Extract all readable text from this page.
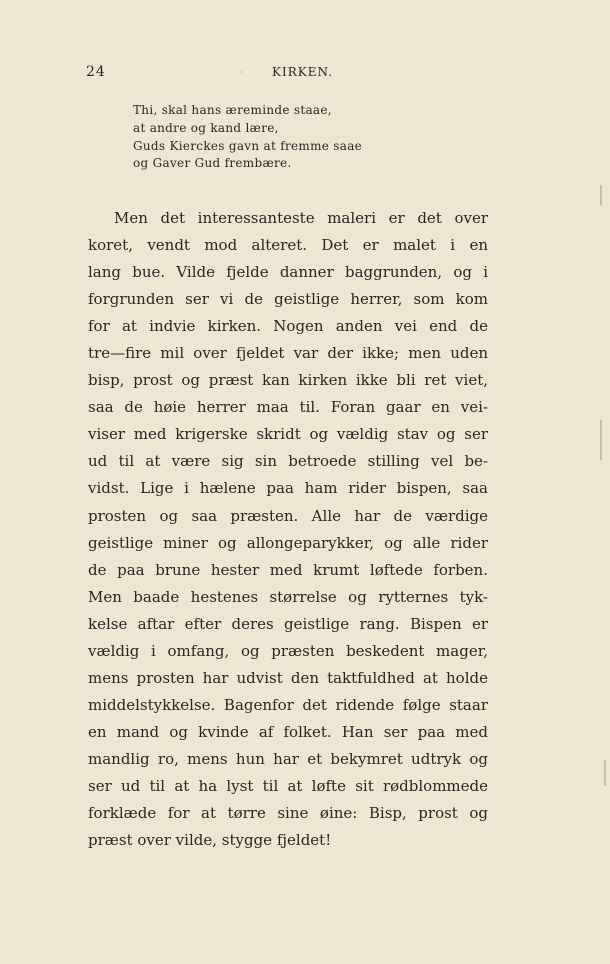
24	· KIRKEN.
Thi, skal hans æreminde staae,
at andre og kand lære,
Guds Kierckes gavn at fremme saae
og Gaver Gud frembære.
Men det interessanteste maleri er det over
koret, vendt mod alteret. Det er malet i en
lang bue. Vilde fjelde danner baggrunden, og i
forgrunden ser vi de geistlige herrer, som kom
for at indvie kirken. Nogen anden vei end de
tre—fire mil over fjeldet var der ikke; men uden
bisp, prost og præst kan kirken ikke bli ret viet,
saa de høie herrer maa til. Foran gaar en vei-
viser med krigerske skridt og vældig stav og ser
ud til at være sig sin betroede stilling vel be-
vidst. Lige i hælene paa ham rider bispen, saa
prosten og saa præsten. Alle har de værdige
geistlige miner og allongeparykker, og alle rider
de paa brune hester med krumt løftede forben.
Men baade hestenes størrelse og rytternes tyk-
kelse aftar efter deres geistlige rang. Bispen er
vældig i omfang, og præsten beskedent mager,
mens prosten har udvist den taktfuldhed at holde
middelstykkelse. Bagenfor det ridende følge staar
en mand og kvinde af folket. Han ser paa med
mandlig ro, mens hun har et bekymret udtryk og
ser ud til at ha lyst til at løfte sit rødblommede
forklæde for at tørre sine øine: Bisp, prost og
præst over vilde, stygge fjeldet!
